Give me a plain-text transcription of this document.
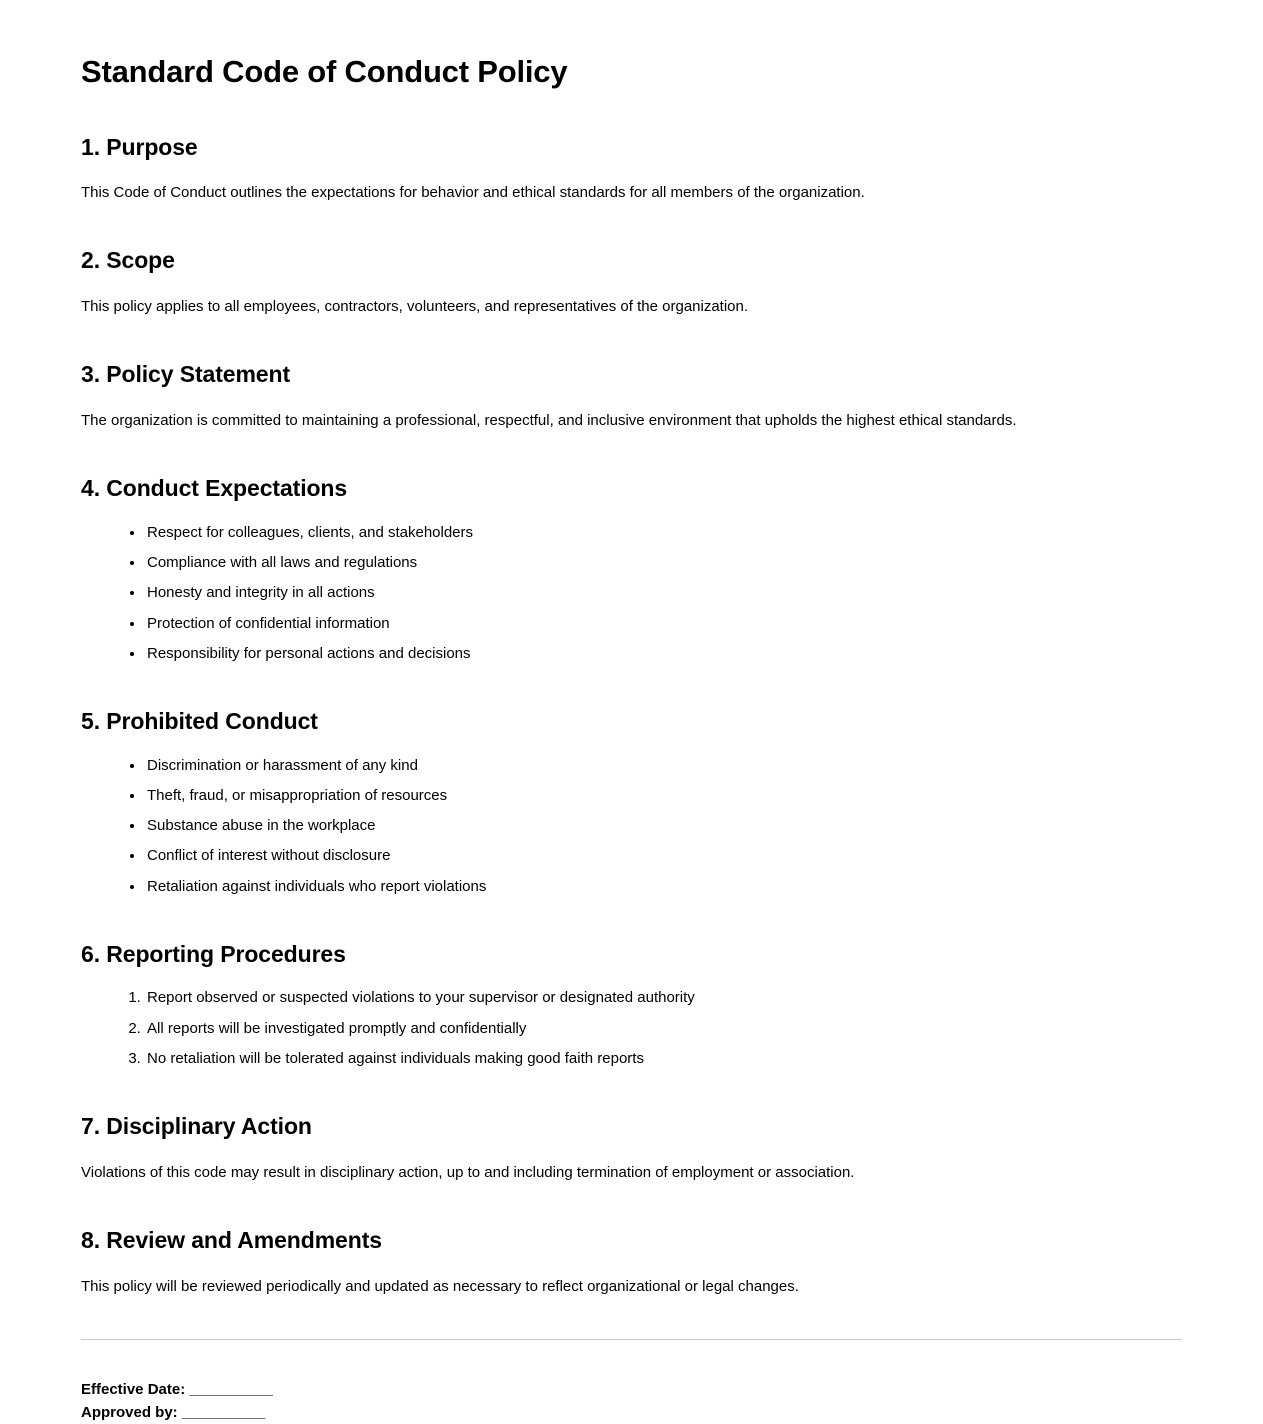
Standard Code of Conduct Policy
1. Purpose

This Code of Conduct outlines the expectations for behavior and ethical standards for all members of the organization.

2. Scope

This policy applies to all employees, contractors, volunteers, and representatives of the organization.

3. Policy Statement

The organization is committed to maintaining a professional, respectful, and inclusive environment that upholds the highest ethical standards.

4. Conduct Expectations
• Respect for colleagues, clients, and stakeholders
• Compliance with all laws and regulations
• Honesty and integrity in all actions
• Protection of confidential information
• Responsibility for personal actions and decisions
5. Prohibited Conduct
• Discrimination or harassment of any kind
• Theft, fraud, or misappropriation of resources
• Substance abuse in the workplace
• Conflict of interest without disclosure
• Retaliation against individuals who report violations
6. Reporting Procedures
1. Report observed or suspected violations to your supervisor or designated authority
2. All reports will be investigated promptly and confidentially
3. No retaliation will be tolerated against individuals making good faith reports
7. Disciplinary Action

Violations of this code may result in disciplinary action, up to and including termination of employment or association.

8. Review and Amendments

This policy will be reviewed periodically and updated as necessary to reflect organizational or legal changes.

Effective Date: __________

Approved by: __________
